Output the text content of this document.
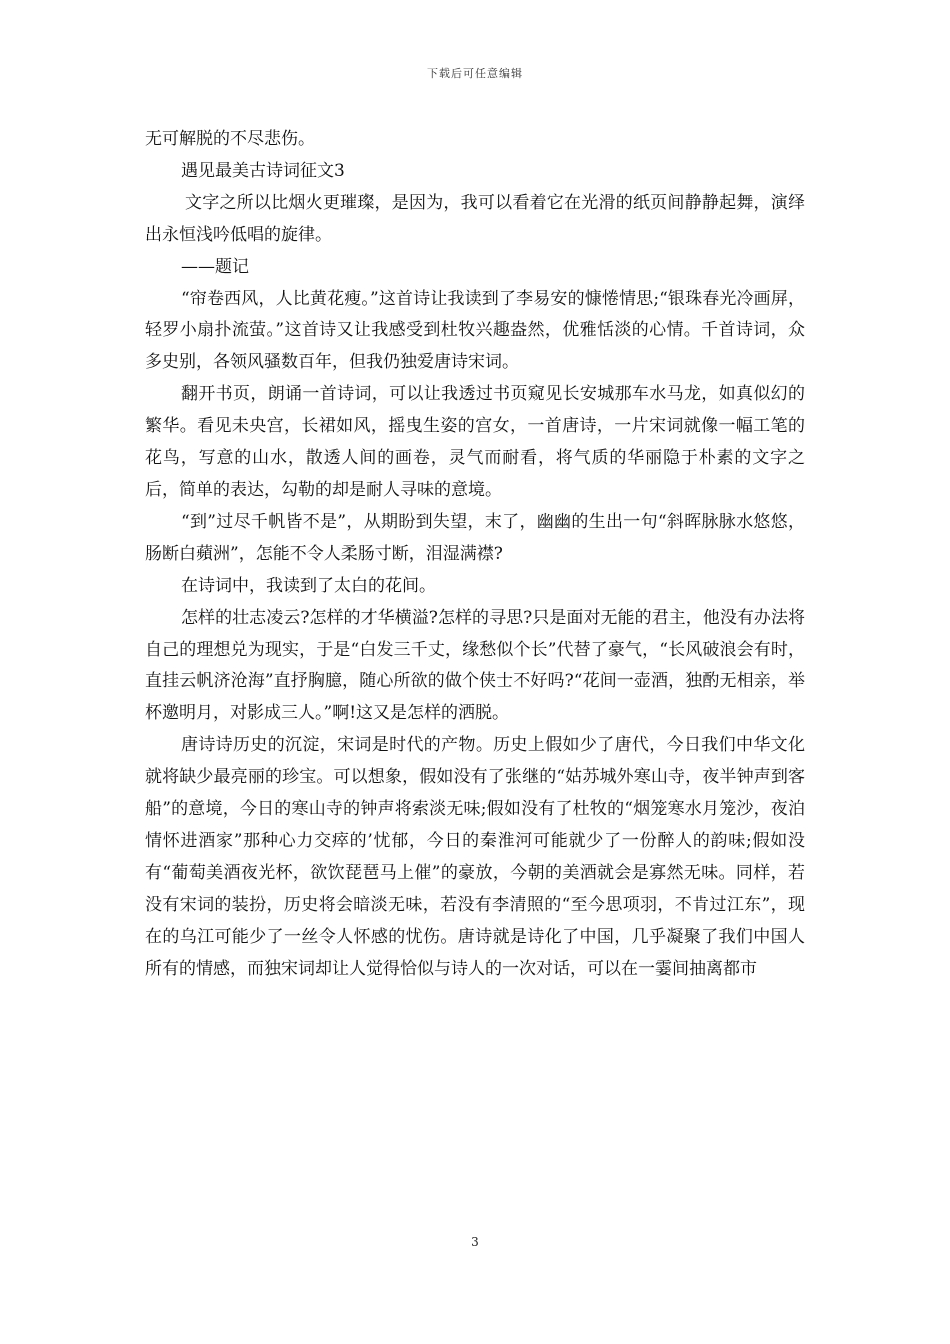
下载后可任意编辑

无可解脱的不尽悲伤。

遇见最美古诗词征文3

文字之所以比烟火更璀璨，是因为，我可以看着它在光滑的纸页间静静起舞，演绎出永恒浅吟低唱的旋律。

——题记

“帘卷西风，人比黄花瘦。”这首诗让我读到了李易安的慷惓情思;“银珠春光冷画屏，轻罗小扇扑流萤。”这首诗又让我感受到杜牧兴趣盎然，优雅恬淡的心情。千首诗词，众多史别，各领风骚数百年，但我仍独爱唐诗宋词。

翻开书页，朗诵一首诗词，可以让我透过书页窥见长安城那车水马龙，如真似幻的繁华。看见未央宫，长裙如风，摇曳生姿的宫女，一首唐诗，一片宋词就像一幅工笔的花鸟，写意的山水，散透人间的画卷，灵气而耐看，将气质的华丽隐于朴素的文字之后，简单的表达，勾勒的却是耐人寻味的意境。

“到”过尽千帆皆不是”，从期盼到失望，末了，幽幽的生出一句“斜晖脉脉水悠悠，肠断白蘋洲”，怎能不令人柔肠寸断，泪湿满襟?

在诗词中，我读到了太白的花间。

怎样的壮志凌云?怎样的才华横溢?怎样的寻思?只是面对无能的君主，他没有办法将自己的理想兑为现实，于是“白发三千丈，缘愁似个长”代替了豪气，“长风破浪会有时，直挂云帆济沧海”直抒胸臆，随心所欲的做个侠士不好吗?“花间一壶酒，独酌无相亲，举杯邀明月，对影成三人。”啊!这又是怎样的洒脱。

唐诗诗历史的沉淀，宋词是时代的产物。历史上假如少了唐代，今日我们中华文化就将缺少最亮丽的珍宝。可以想象，假如没有了张继的“姑苏城外寒山寺，夜半钟声到客船”的意境，今日的寒山寺的钟声将索淡无味;假如没有了杜牧的“烟笼寒水月笼沙，夜泊情怀进酒家”那种心力交瘁的’忧郁，今日的秦淮河可能就少了一份醉人的韵味;假如没有“葡萄美酒夜光杯，欲饮琵琶马上催”的豪放，今朝的美酒就会是寡然无味。同样，若没有宋词的装扮，历史将会暗淡无味，若没有李清照的“至今思项羽，不肯过江东”，现在的乌江可能少了一丝令人怀感的忧伤。唐诗就是诗化了中国，几乎凝聚了我们中国人所有的情感，而独宋词却让人觉得恰似与诗人的一次对话，可以在一霎间抽离都市

3
